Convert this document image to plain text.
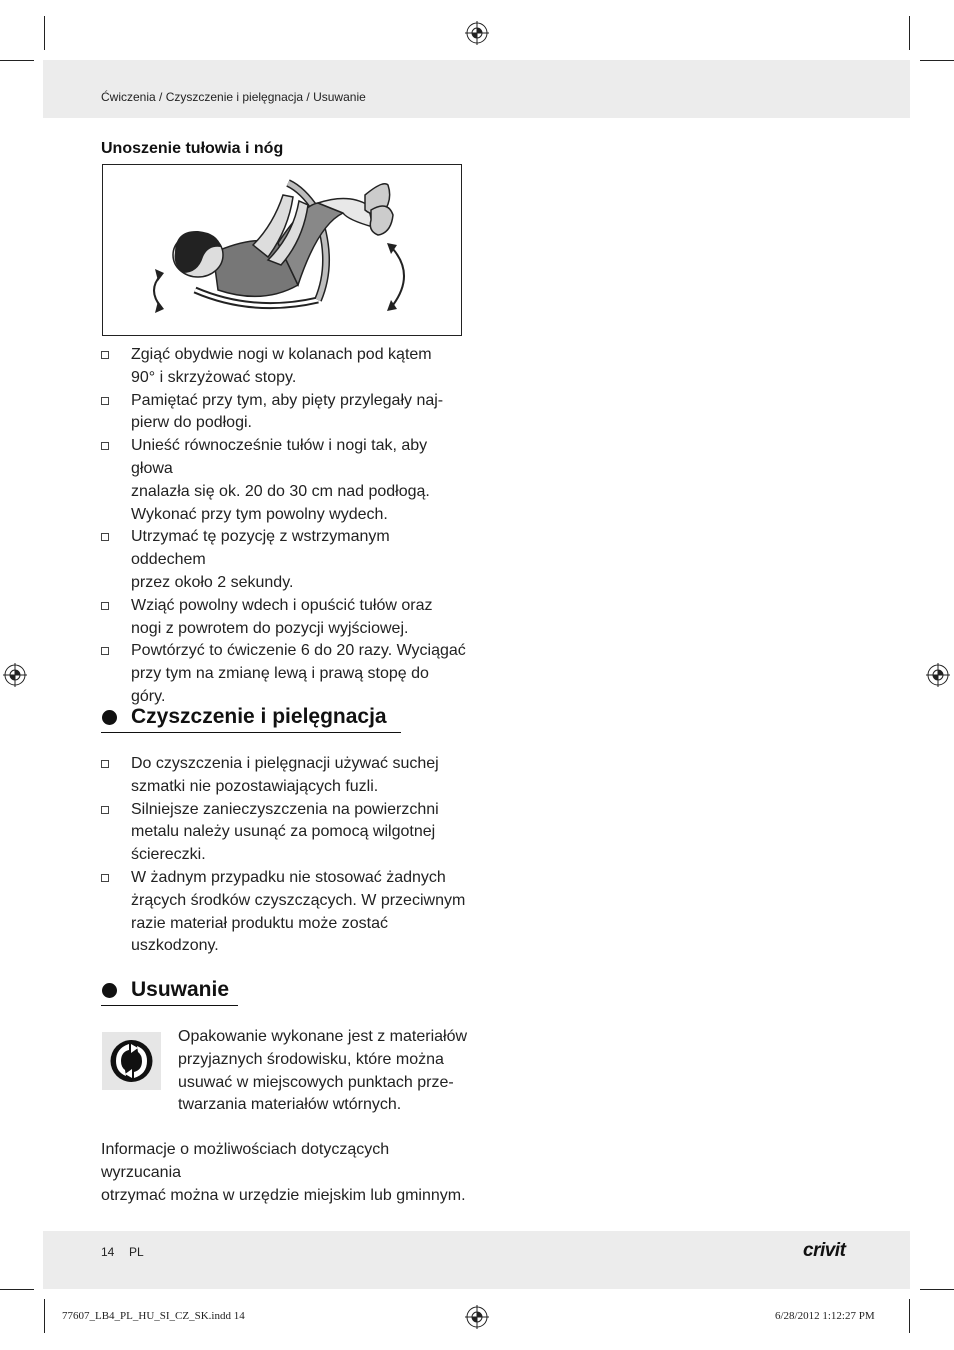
Ćwiczenia / Czyszczenie i pielęgnacja / Usuwanie
Unoszenie tułowia i nóg
Zgiąć obydwie nogi w kolanach pod kątem
90° i skrzyżować stopy.
Pamiętać przy tym, aby pięty przylegały naj-
pierw do podłogi.
Unieść równocześnie tułów i nogi tak, aby głowa
znalazła się ok. 20 do 30 cm nad podłogą.
Wykonać przy tym powolny wydech.
Utrzymać tę pozycję z wstrzymanym oddechem
przez około 2 sekundy.
Wziąć powolny wdech i opuścić tułów oraz
nogi z powrotem do pozycji wyjściowej.
Powtórzyć to ćwiczenie 6 do 20 razy. Wyciągać
przy tym na zmianę lewą i prawą stopę do
góry.
Czyszczenie i pielęgnacja
Do czyszczenia i pielęgnacji używać suchej
szmatki nie pozostawiających fuzli.
Silniejsze zanieczyszczenia na powierzchni
metalu należy usunąć za pomocą wilgotnej
ściereczki.
W żadnym przypadku nie stosować żadnych
żrących środków czyszczących. W przeciwnym
razie materiał produktu może zostać uszkodzony.
Usuwanie
Opakowanie wykonane jest z materiałów
przyjaznych środowisku, które można
usuwać w miejscowych punktach prze-
twarzania materiałów wtórnych.
Informacje o możliwościach dotyczących wyrzucania
otrzymać można w urzędzie miejskim lub gminnym.
14 PL	crivit
77607_LB4_PL_HU_SI_CZ_SK.indd 14	6/28/2012 1:12:27 PM
